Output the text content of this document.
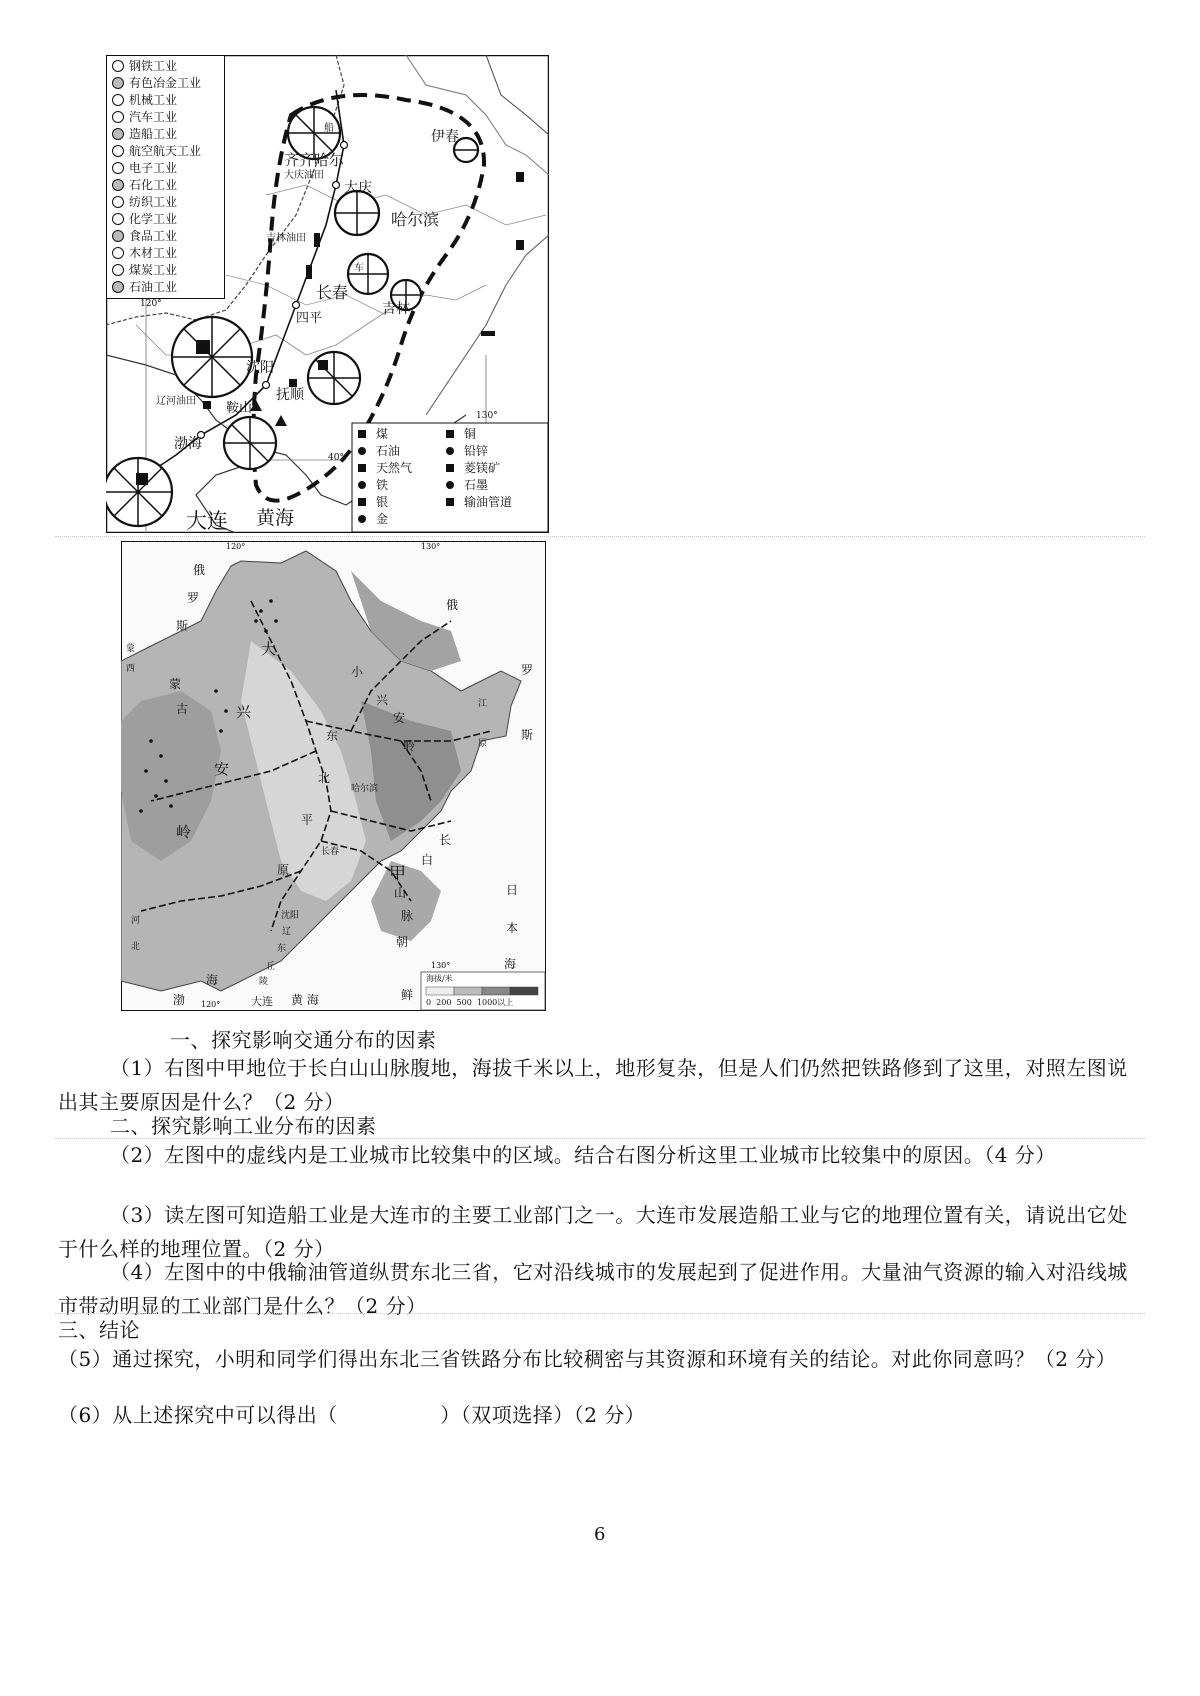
钢铁工业
有色冶金工业
机械工业
汽车工业
造船工业
航空航天工业
电子工业
石化工业
纺织工业
化学工业
食品工业
木材工业
煤炭工业
石油工业
齐齐哈尔
大庆油田
大庆
哈尔滨
伊春
吉林油田
长春
吉林
四平
沈阳
抚顺
鞍山
辽河油田
渤海
大连 黄海
120°
130°
40°
车
船
煤
石油
天然气
铁
银
金
铜
铅锌
菱镁矿
石墨
输油管道
120°	130°
120°
130°
俄
罗
斯
俄
罗
斯
蒙
西
蒙
古
大
兴
安
岭
小
兴
安
岭
东
北
平
原
哈尔滨
长春
沈阳
辽
东
丘
陵
甲
山
脉
长
白
江
原
朝
鲜
日
本
海
渤
海
大连 黄 海
河
北
海拔/米
0  200  500  1000以上
一、探究影响交通分布的因素
（1）右图中甲地位于长白山山脉腹地，海拔千米以上，地形复杂，但是人们仍然把铁路修到了这里，对照左图说出其主要原因是什么？（2 分）
二、探究影响工业分布的因素
（2）左图中的虚线内是工业城市比较集中的区域。结合右图分析这里工业城市比较集中的原因。（4 分）
（3）读左图可知造船工业是大连市的主要工业部门之一。大连市发展造船工业与它的地理位置有关，请说出它处于什么样的地理位置。（2 分）
（4）左图中的中俄输油管道纵贯东北三省，它对沿线城市的发展起到了促进作用。大量油气资源的输入对沿线城市带动明显的工业部门是什么？（2 分）
三、结论
（5）通过探究，小明和同学们得出东北三省铁路分布比较稠密与其资源和环境有关的结论。对此你同意吗？（2 分）
（6）从上述探究中可以得出（　　　　　）（双项选择）（2 分）
6
